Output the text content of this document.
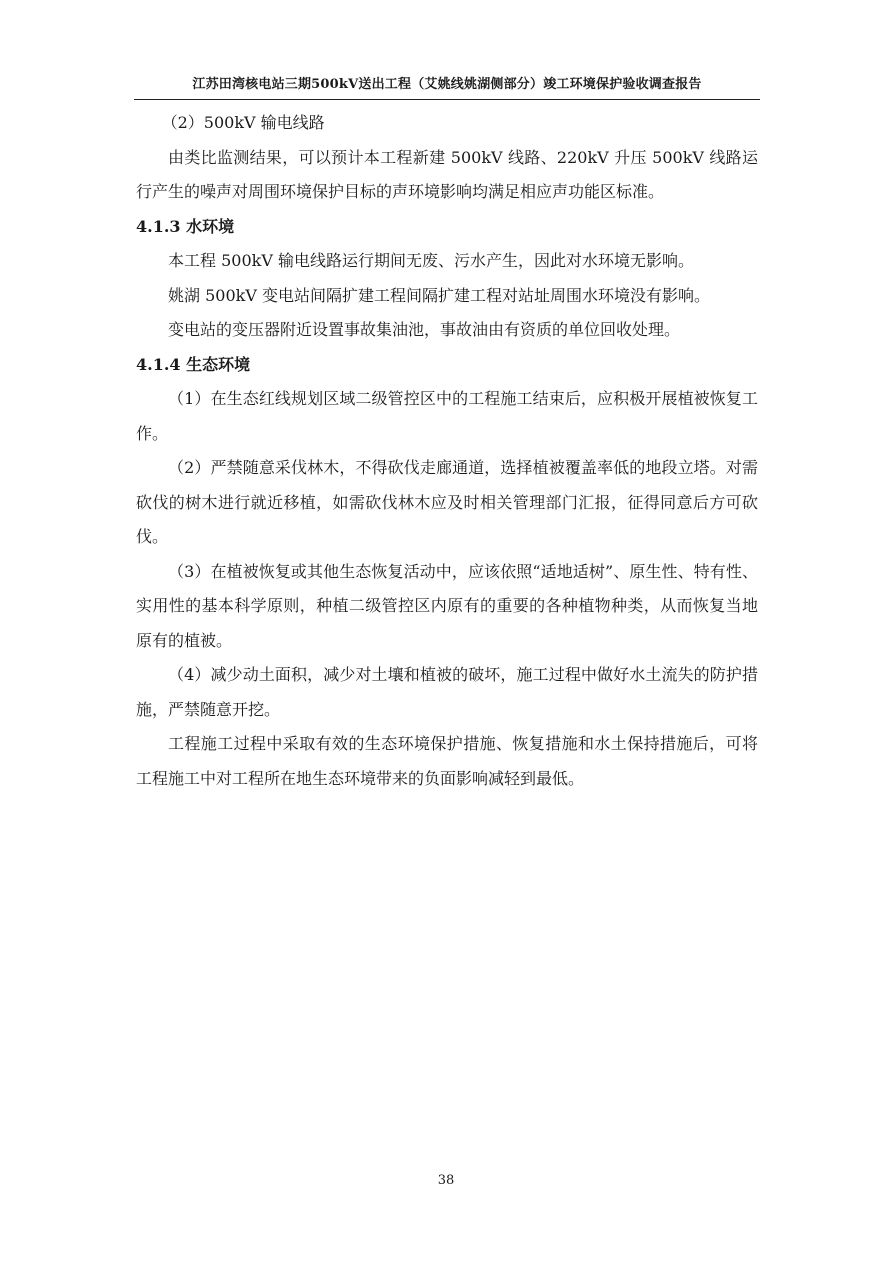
江苏田湾核电站三期500kV送出工程（艾姚线姚湖侧部分）竣工环境保护验收调查报告

（2）500kV 输电线路

由类比监测结果，可以预计本工程新建 500kV 线路、220kV 升压 500kV 线路运行产生的噪声对周围环境保护目标的声环境影响均满足相应声功能区标准。

4.1.3 水环境

本工程 500kV 输电线路运行期间无废、污水产生，因此对水环境无影响。

姚湖 500kV 变电站间隔扩建工程间隔扩建工程对站址周围水环境没有影响。

变电站的变压器附近设置事故集油池，事故油由有资质的单位回收处理。

4.1.4 生态环境

（1）在生态红线规划区域二级管控区中的工程施工结束后，应积极开展植被恢复工作。

（2）严禁随意采伐林木，不得砍伐走廊通道，选择植被覆盖率低的地段立塔。对需砍伐的树木进行就近移植，如需砍伐林木应及时相关管理部门汇报，征得同意后方可砍伐。

（3）在植被恢复或其他生态恢复活动中，应该依照“适地适树”、原生性、特有性、实用性的基本科学原则，种植二级管控区内原有的重要的各种植物种类，从而恢复当地原有的植被。

（4）减少动土面积，减少对土壤和植被的破坏，施工过程中做好水土流失的防护措施，严禁随意开挖。

工程施工过程中采取有效的生态环境保护措施、恢复措施和水土保持措施后，可将工程施工中对工程所在地生态环境带来的负面影响减轻到最低。

38
